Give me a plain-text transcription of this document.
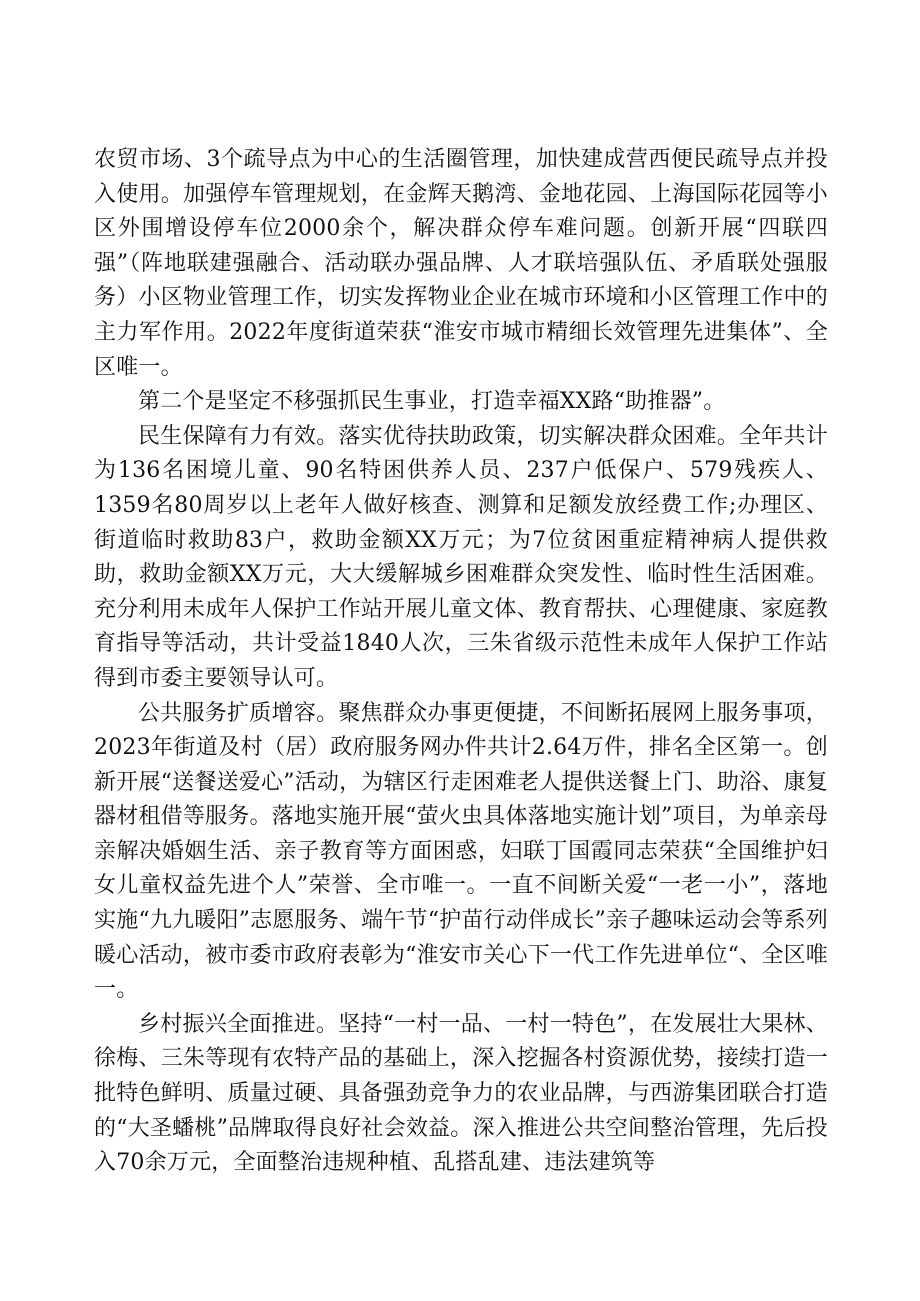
农贸市场、3个疏导点为中心的生活圈管理，加快建成营西便民疏导点并投入使用。加强停车管理规划，在金辉天鹅湾、金地花园、上海国际花园等小区外围增设停车位2000余个，解决群众停车难问题。创新开展“四联四强”（阵地联建强融合、活动联办强品牌、人才联培强队伍、矛盾联处强服务）小区物业管理工作，切实发挥物业企业在城市环境和小区管理工作中的主力军作用。2022年度街道荣获“淮安市城市精细长效管理先进集体”、全区唯一。

第二个是坚定不移强抓民生事业，打造幸福XX路“助推器”。

民生保障有力有效。落实优待扶助政策，切实解决群众困难。全年共计为136名困境儿童、90名特困供养人员、237户低保户、579残疾人、1359名80周岁以上老年人做好核查、测算和足额发放经费工作;办理区、街道临时救助83户，救助金额XX万元；为7位贫困重症精神病人提供救助，救助金额XX万元，大大缓解城乡困难群众突发性、临时性生活困难。充分利用未成年人保护工作站开展儿童文体、教育帮扶、心理健康、家庭教育指导等活动，共计受益1840人次，三朱省级示范性未成年人保护工作站得到市委主要领导认可。

公共服务扩质增容。聚焦群众办事更便捷，不间断拓展网上服务事项，2023年街道及村（居）政府服务网办件共计2.64万件，排名全区第一。创新开展“送餐送爱心”活动，为辖区行走困难老人提供送餐上门、助浴、康复器材租借等服务。落地实施开展“萤火虫具体落地实施计划”项目，为单亲母亲解决婚姻生活、亲子教育等方面困惑，妇联丁国霞同志荣获“全国维护妇女儿童权益先进个人”荣誉、全市唯一。一直不间断关爱“一老一小”，落地实施“九九暖阳”志愿服务、端午节“护苗行动伴成长”亲子趣味运动会等系列暖心活动，被市委市政府表彰为“淮安市关心下一代工作先进单位“、全区唯一。

乡村振兴全面推进。坚持“一村一品、一村一特色”，在发展壮大果林、徐梅、三朱等现有农特产品的基础上，深入挖掘各村资源优势，接续打造一批特色鲜明、质量过硬、具备强劲竞争力的农业品牌，与西游集团联合打造的“大圣蟠桃”品牌取得良好社会效益。深入推进公共空间整治管理，先后投入70余万元，全面整治违规种植、乱搭乱建、违法建筑等
